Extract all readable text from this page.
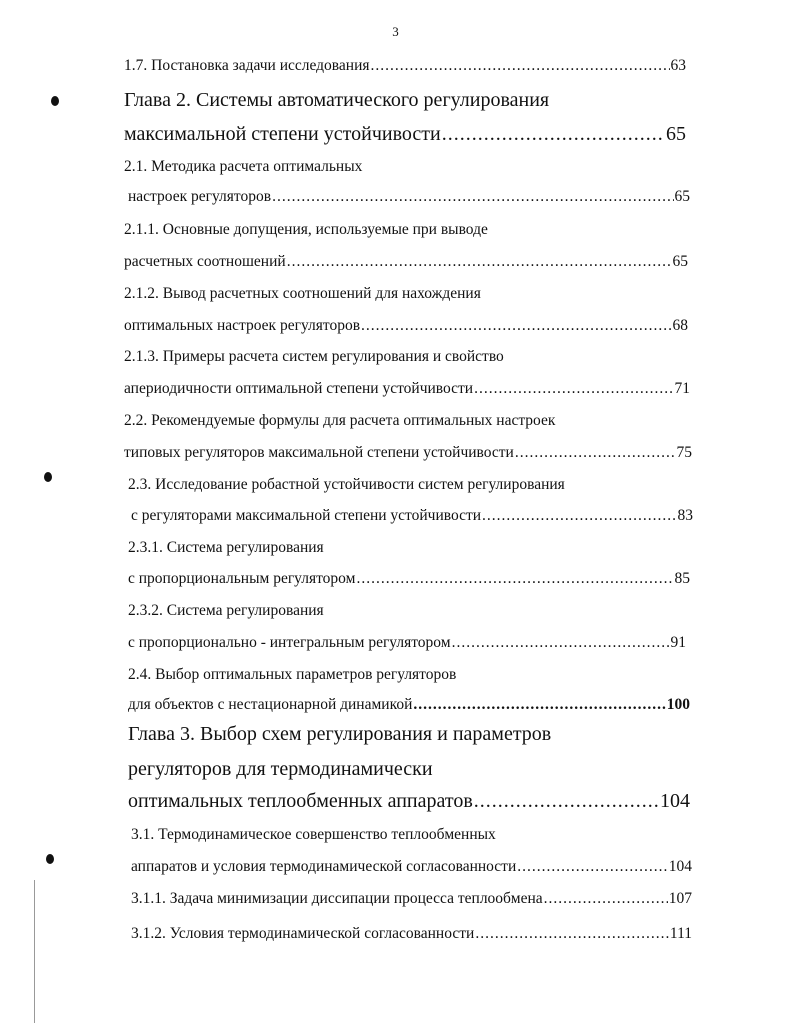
3
1.7. Постановка задачи исследования .....	63
Глава 2. Системы автоматического регулирования
максимальной степени устойчивости .....	65
2.1. Методика расчета оптимальных
настроек регуляторов .....	65
2.1.1. Основные допущения, используемые при выводе
расчетных соотношений .....	65
2.1.2. Вывод расчетных соотношений для нахождения
оптимальных настроек регуляторов .....	68
2.1.3. Примеры расчета систем регулирования и свойство
апериодичности оптимальной степени устойчивости .....	71
2.2. Рекомендуемые формулы для расчета оптимальных настроек
типовых регуляторов максимальной степени устойчивости .....	75
2.3. Исследование робастной устойчивости систем регулирования
с регуляторами максимальной степени устойчивости .....	83
2.3.1. Система регулирования
с пропорциональным регулятором .....	85
2.3.2. Система регулирования
с пропорционально - интегральным регулятором .....	91
2.4. Выбор оптимальных параметров регуляторов
для объектов с нестационарной динамикой .....	100
Глава 3. Выбор схем регулирования и параметров
регуляторов для термодинамически
оптимальных теплообменных аппаратов .....	104
3.1. Термодинамическое совершенство теплообменных
аппаратов и условия термодинамической согласованности .....	104
3.1.1. Задача минимизации диссипации процесса теплообмена .....	107
3.1.2. Условия термодинамической согласованности .....	111
